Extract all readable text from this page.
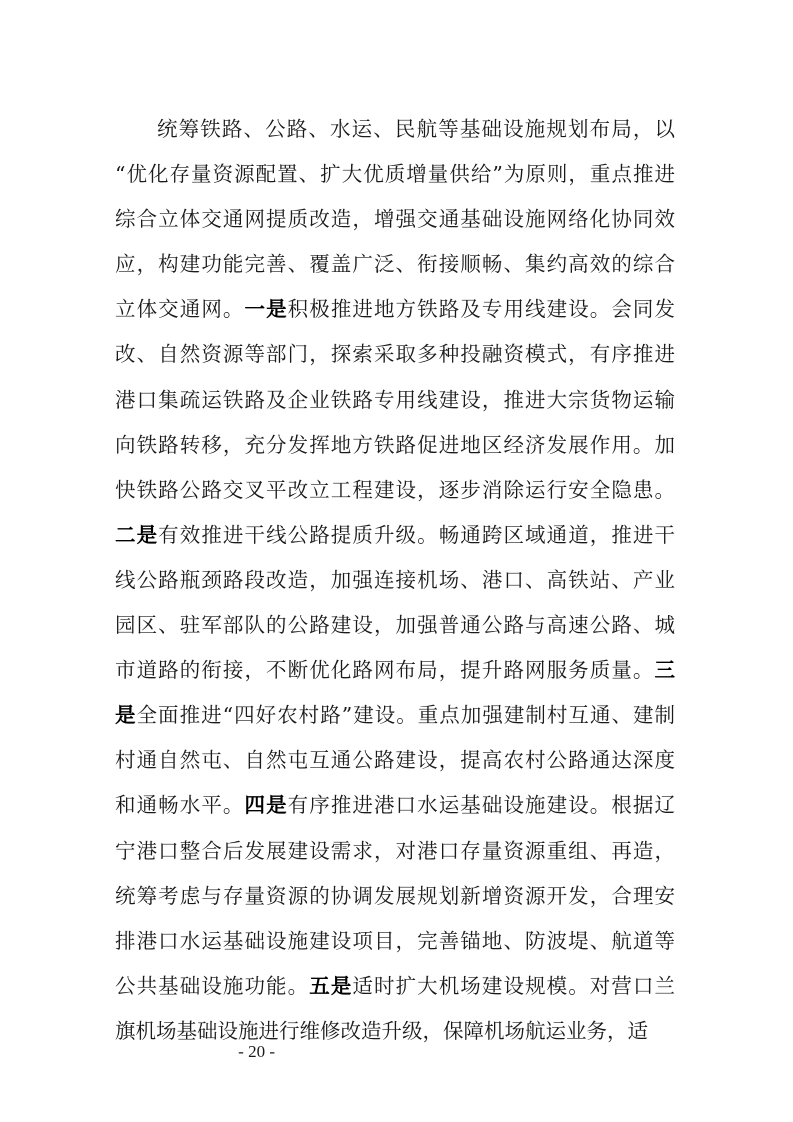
统筹铁路、公路、水运、民航等基础设施规划布局，以
“优化存量资源配置、扩大优质增量供给”为原则，重点推进
综合立体交通网提质改造，增强交通基础设施网络化协同效
应，构建功能完善、覆盖广泛、衔接顺畅、集约高效的综合
立体交通网。一是积极推进地方铁路及专用线建设。会同发
改、自然资源等部门，探索采取多种投融资模式，有序推进
港口集疏运铁路及企业铁路专用线建设，推进大宗货物运输
向铁路转移，充分发挥地方铁路促进地区经济发展作用。加
快铁路公路交叉平改立工程建设，逐步消除运行安全隐患。
二是有效推进干线公路提质升级。畅通跨区域通道，推进干
线公路瓶颈路段改造，加强连接机场、港口、高铁站、产业
园区、驻军部队的公路建设，加强普通公路与高速公路、城
市道路的衔接，不断优化路网布局，提升路网服务质量。三
是全面推进“四好农村路”建设。重点加强建制村互通、建制
村通自然屯、自然屯互通公路建设，提高农村公路通达深度
和通畅水平。四是有序推进港口水运基础设施建设。根据辽
宁港口整合后发展建设需求，对港口存量资源重组、再造，
统筹考虑与存量资源的协调发展规划新增资源开发，合理安
排港口水运基础设施建设项目，完善锚地、防波堤、航道等
公共基础设施功能。五是适时扩大机场建设规模。对营口兰
旗机场基础设施进行维修改造升级，保障机场航运业务，适
- 20 -
